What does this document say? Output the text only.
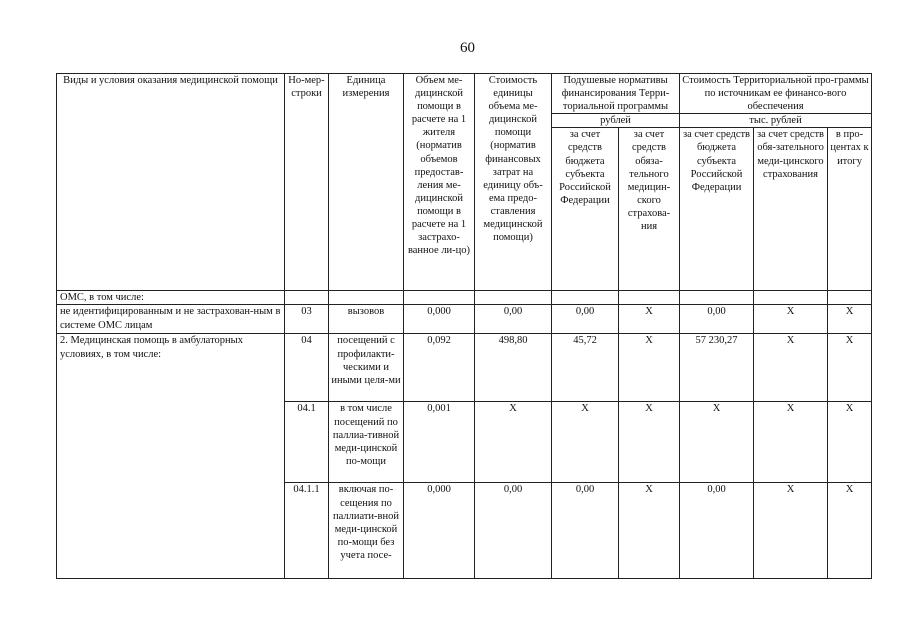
60
Виды и условия оказания медицинской помощи	Но-мер-строки	Единица измерения	Объем ме-дицинской помощи в расчете на 1 жителя (норматив объемов предостав-ления ме-дицинской помощи в расчете на 1 застрахо-ванное ли-цо)	Стоимость единицы объема ме-дицинской помощи (норматив финансовых затрат на единицу объ-ема предо-ставления медицинской помощи)	Подушевые нормативы финансирования Терри-ториальной программы		Стоимость Территориальной про-граммы по источникам ее финансо-вого обеспечения		
					рублей		тыс. рублей		
					за счет средств бюджета субъекта Российской Федерации	за счет средств обяза-тельного медицин-ского страхова-ния	за счет средств бюджета субъекта Российской Федерации	за счет средств обя-зательного меди-цинского страхования	в про-центах к итогу
ОМС, в том числе:									
не идентифицированным и не застрахован-ным в системе ОМС лицам	03	вызовов	0,000	0,00	0,00	Х	0,00	Х	Х
2. Медицинская помощь в амбулаторных условиях, в том числе:	04	посещений с профилакти-ческими и иными целя-ми	0,092	498,80	45,72	Х	57 230,27	Х	Х
	04.1	в том числе посещений по паллиа-тивной меди-цинской по-мощи	0,001	Х	Х	Х	Х	Х	Х
	04.1.1	включая по-сещения по паллиати-вной меди-цинской по-мощи без учета посе-	0,000	0,00	0,00	Х	0,00	Х	Х
